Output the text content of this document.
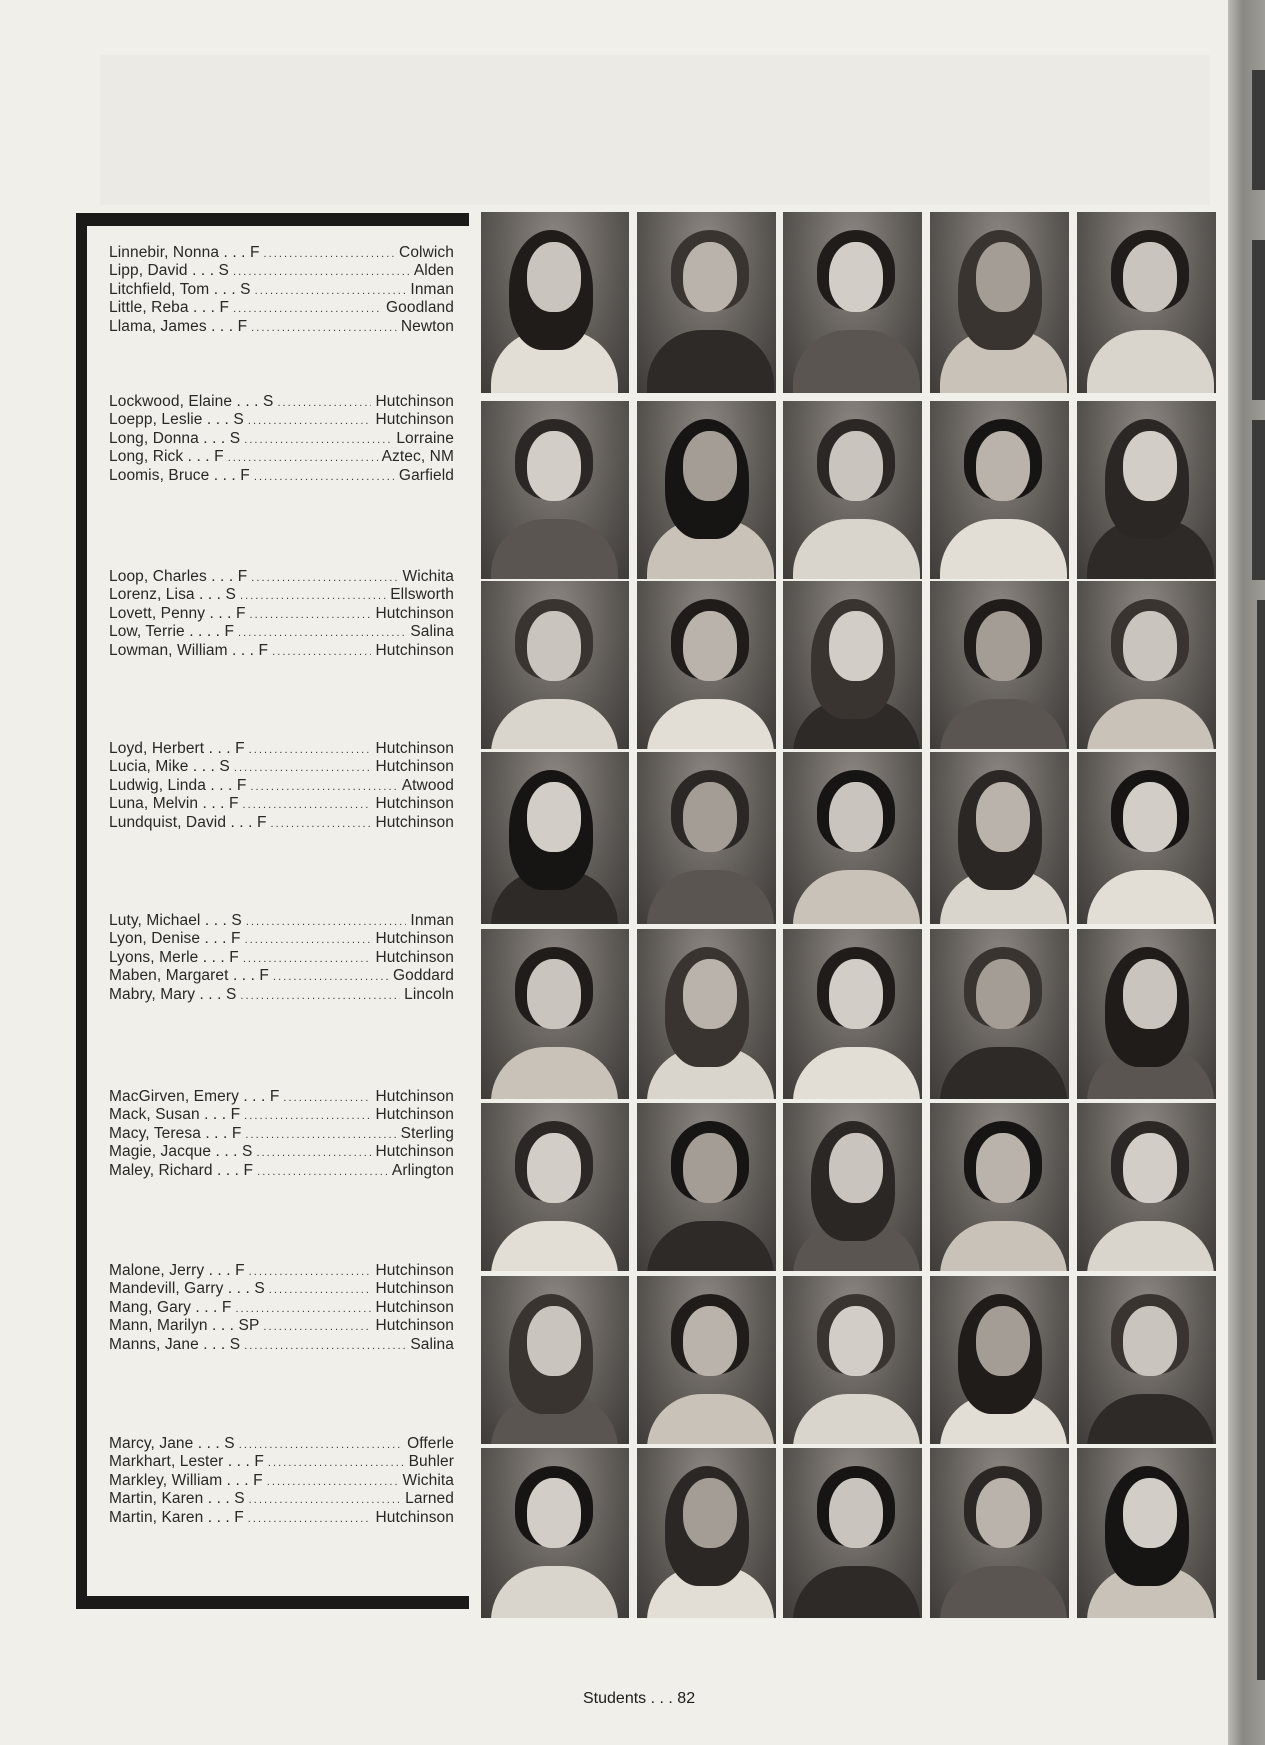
Linnebir, Nonna . . . F . . .	Colwich
Lipp, David . . . S . . .	Alden
Litchfield, Tom . . . S . . .	Inman
Little, Reba . . . F . . .	Goodland
Llama, James . . . F . . .	Newton
Lockwood, Elaine . . . S . . .	Hutchinson
Loepp, Leslie . . . S . . .	Hutchinson
Long, Donna . . . S . . .	Lorraine
Long, Rick . . . F . . .	Aztec, NM
Loomis, Bruce . . . F . . .	Garfield
Loop, Charles . . . F . . .	Wichita
Lorenz, Lisa . . . S . . .	Ellsworth
Lovett, Penny . . . F . . .	Hutchinson
Low, Terrie . . . . F . . .	Salina
Lowman, William . . . F . . .	Hutchinson
Loyd, Herbert . . . F . . .	Hutchinson
Lucia, Mike . . . S . . .	Hutchinson
Ludwig, Linda . . . F . . .	Atwood
Luna, Melvin . . . F . . .	Hutchinson
Lundquist, David . . . F . . .	Hutchinson
Luty, Michael . . . S . . .	Inman
Lyon, Denise . . . F . . .	Hutchinson
Lyons, Merle . . . F . . .	Hutchinson
Maben, Margaret . . . F . . .	Goddard
Mabry, Mary . . . S . . .	Lincoln
MacGirven, Emery . . . F . . .	Hutchinson
Mack, Susan . . . F . . .	Hutchinson
Macy, Teresa . . . F . . .	Sterling
Magie, Jacque . . . S . . .	Hutchinson
Maley, Richard . . . F . . .	Arlington
Malone, Jerry . . . F . . .	Hutchinson
Mandevill, Garry . . . S . . .	Hutchinson
Mang, Gary . . . F . . .	Hutchinson
Mann, Marilyn . . . SP . . .	Hutchinson
Manns, Jane . . . S . . .	Salina
Marcy, Jane . . . S . . .	Offerle
Markhart, Lester . . . F . . .	Buhler
Markley, William . . . F . . .	Wichita
Martin, Karen . . . S . . .	Larned
Martin, Karen . . . F . . .	Hutchinson
Students . . . 82
